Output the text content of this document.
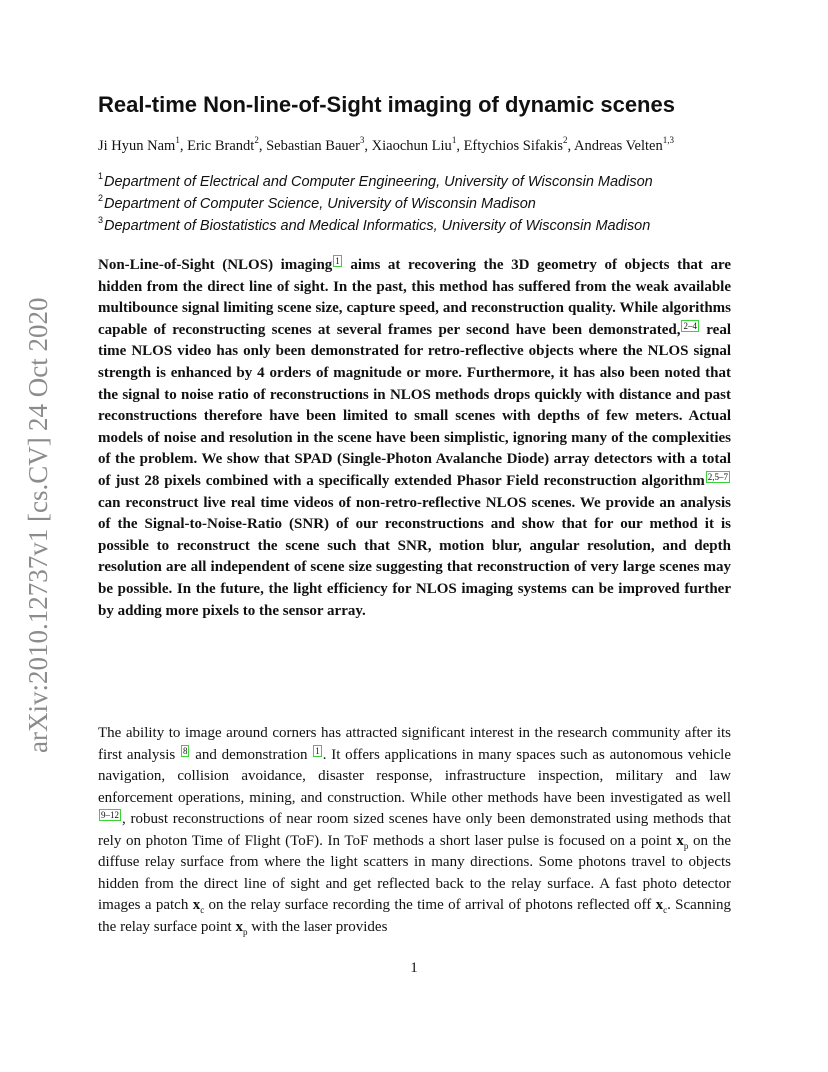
arXiv:2010.12737v1 [cs.CV] 24 Oct 2020
Real-time Non-line-of-Sight imaging of dynamic scenes
Ji Hyun Nam$^1$, Eric Brandt$^2$, Sebastian Bauer$^3$, Xiaochun Liu$^1$, Eftychios Sifakis$^2$, Andreas Velten$^{1,3}$
$^1$Department of Electrical and Computer Engineering, University of Wisconsin Madison
$^2$Department of Computer Science, University of Wisconsin Madison
$^3$Department of Biostatistics and Medical Informatics, University of Wisconsin Madison

Non-Line-of-Sight (NLOS) imaging $^1$ aims at recovering the 3D geometry of objects that are hidden from the direct line of sight. In the past, this method has suffered from the weak available multibounce signal limiting scene size, capture speed, and reconstruction quality. While algorithms capable of reconstructing scenes at several frames per second have been demonstrated, $^{2-4}$ real time NLOS video has only been demonstrated for retro-reflective objects where the NLOS signal strength is enhanced by 4 orders of magnitude or more. Furthermore, it has also been noted that the signal to noise ratio of reconstructions in NLOS methods drops quickly with distance and past reconstructions therefore have been limited to small scenes with depths of few meters. Actual models of noise and resolution in the scene have been simplistic, ignoring many of the complexities of the problem. We show that SPAD (Single-Photon Avalanche Diode) array detectors with a total of just 28 pixels combined with a specifically extended Phasor Field reconstruction algorithm $^{2,5-7}$ can reconstruct live real time videos of non-retro-reflective NLOS scenes. We provide an analysis of the Signal-to-Noise-Ratio (SNR) of our reconstructions and show that for our method it is possible to reconstruct the scene such that SNR, motion blur, angular resolution, and depth resolution are all independent of scene size suggesting that reconstruction of very large scenes may be possible. In the future, the light efficiency for NLOS imaging systems can be improved further by adding more pixels to the sensor array.

The ability to image around corners has attracted significant interest in the research community after its first analysis $^8$ and demonstration $^1$ . It offers applications in many spaces such as autonomous vehicle navigation, collision avoidance, disaster response, infrastructure inspection, military and law enforcement operations, mining, and construction. While other methods have been investigated as well $^{9-12}$ , robust reconstructions of near room sized scenes have only been demonstrated using methods that rely on photon Time of Flight (ToF). In ToF methods a short laser pulse is focused on a point $x_p$ on the diffuse relay surface from where the light scatters in many directions. Some photons travel to objects hidden from the direct line of sight and get reflected back to the relay surface. A fast photo detector images a patch $x_c$ on the relay surface recording the time of arrival of photons reflected off $x_c$. Scanning the relay surface point $x_p$ with the laser provides

1
